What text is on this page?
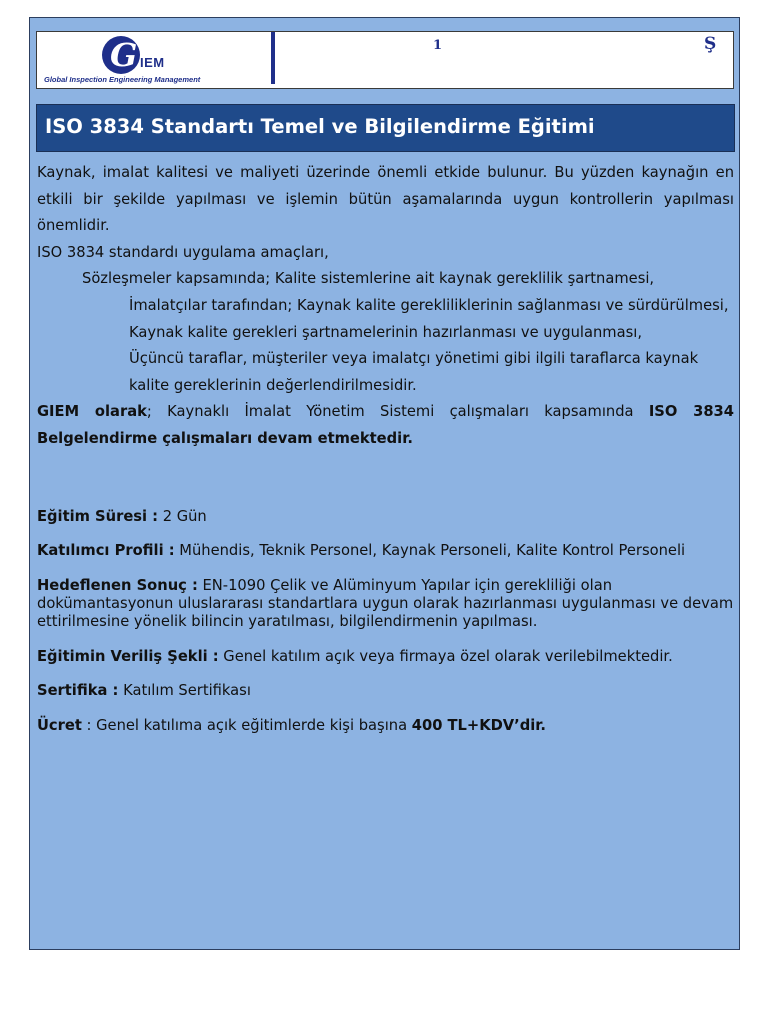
G IEM
Global Inspection Engineering Management
1	Ş
ISO 3834 Standartı Temel ve Bilgilendirme Eğitimi

Kaynak, imalat kalitesi ve maliyeti üzerinde önemli etkide bulunur. Bu yüzden kaynağın en etkili bir şekilde yapılması ve işlemin bütün aşamalarında uygun kontrollerin yapılması önemlidir.

ISO 3834 standardı uygulama amaçları,

Sözleşmeler kapsamında; Kalite sistemlerine ait kaynak gereklilik şartnamesi,

İmalatçılar tarafından; Kaynak kalite gerekliliklerinin sağlanması ve sürdürülmesi,

Kaynak kalite gerekleri şartnamelerinin hazırlanması ve uygulanması,

Üçüncü taraflar, müşteriler veya imalatçı yönetimi gibi ilgili taraflarca kaynak kalite gereklerinin değerlendirilmesidir.

GIEM olarak; Kaynaklı İmalat Yönetim Sistemi çalışmaları kapsamında ISO 3834 Belgelendirme çalışmaları devam etmektedir.

Eğitim Süresi : 2 Gün
Katılımcı Profili : Mühendis, Teknik Personel, Kaynak Personeli, Kalite Kontrol Personeli
Hedeflenen Sonuç : EN-1090 Çelik ve Alüminyum Yapılar için gerekliliği olan dokümantasyonun uluslararası standartlara uygun olarak hazırlanması uygulanması ve devam ettirilmesine yönelik bilincin yaratılması, bilgilendirmenin yapılması.
Eğitimin Veriliş Şekli : Genel katılım açık veya firmaya özel olarak verilebilmektedir.
Sertifika : Katılım Sertifikası
Ücret : Genel katılıma açık eğitimlerde kişi başına 400 TL+KDV’dir.
